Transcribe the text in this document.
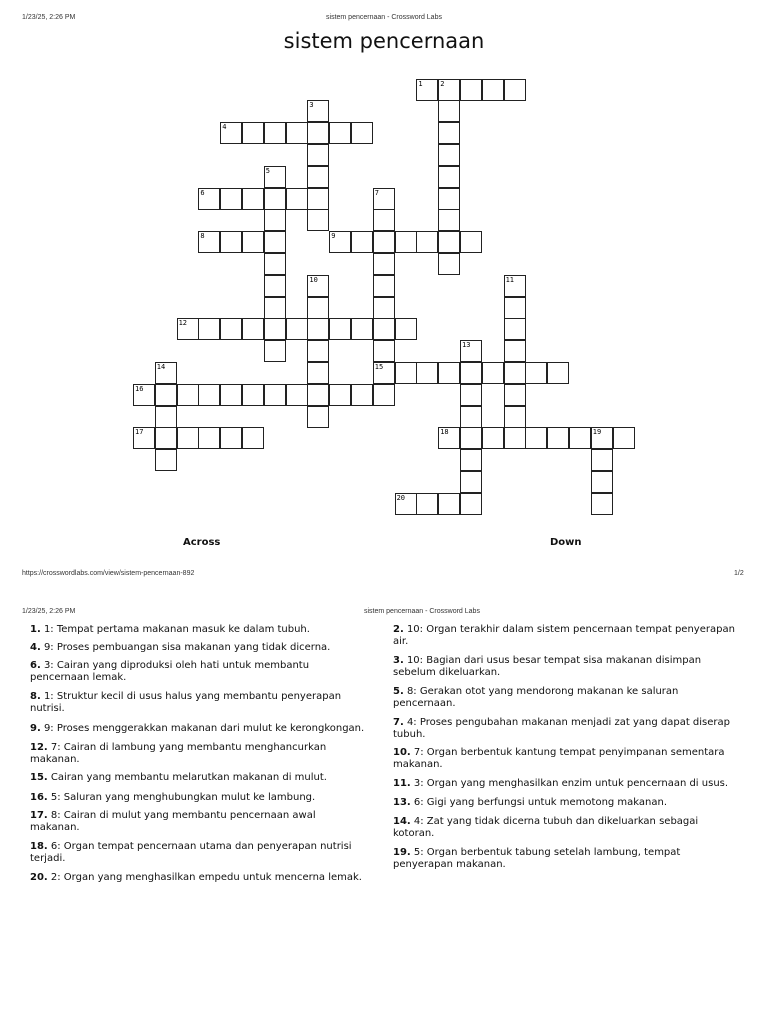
1/23/25, 2:26 PM	sistem pencernaan - Crossword Labs
sistem pencernaan
1	2
3
4
5
6	7
8	9
10	11
12
13
14	15
16
17	18	19
20
Across	Down
https://crosswordlabs.com/view/sistem-pencernaan-892	1/2
1/23/25, 2:26 PM	sistem pencernaan - Crossword Labs
1. 1: Tempat pertama makanan masuk ke dalam tubuh.
4. 9: Proses pembuangan sisa makanan yang tidak dicerna.
6. 3: Cairan yang diproduksi oleh hati untuk membantu pencernaan lemak.
8. 1: Struktur kecil di usus halus yang membantu penyerapan nutrisi.
9. 9: Proses menggerakkan makanan dari mulut ke kerongkongan.
12. 7: Cairan di lambung yang membantu menghancurkan makanan.
15. Cairan yang membantu melarutkan makanan di mulut.
16. 5: Saluran yang menghubungkan mulut ke lambung.
17. 8: Cairan di mulut yang membantu pencernaan awal makanan.
18. 6: Organ tempat pencernaan utama dan penyerapan nutrisi terjadi.
20. 2: Organ yang menghasilkan empedu untuk mencerna lemak.
2. 10: Organ terakhir dalam sistem pencernaan tempat penyerapan air.
3. 10: Bagian dari usus besar tempat sisa makanan disimpan sebelum dikeluarkan.
5. 8: Gerakan otot yang mendorong makanan ke saluran pencernaan.
7. 4: Proses pengubahan makanan menjadi zat yang dapat diserap tubuh.
10. 7: Organ berbentuk kantung tempat penyimpanan sementara makanan.
11. 3: Organ yang menghasilkan enzim untuk pencernaan di usus.
13. 6: Gigi yang berfungsi untuk memotong makanan.
14. 4: Zat yang tidak dicerna tubuh dan dikeluarkan sebagai kotoran.
19. 5: Organ berbentuk tabung setelah lambung, tempat penyerapan makanan.
